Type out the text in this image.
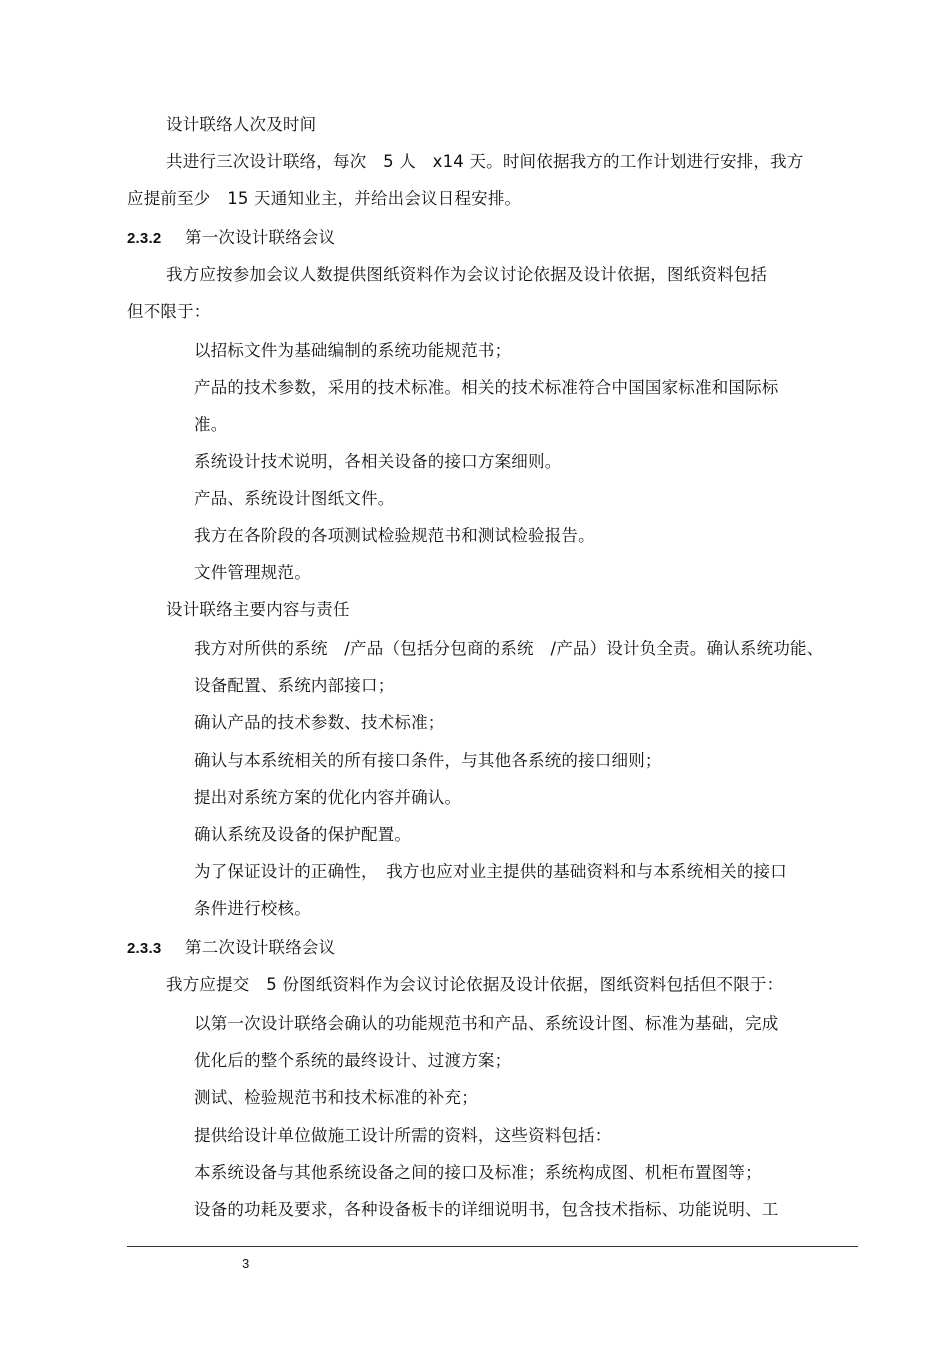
设计联络人次及时间
共进行三次设计联络，每次　5 人　x14 天。时间依据我方的工作计划进行安排，我方
应提前至少　15 天通知业主，并给出会议日程安排。
2.3.2 第一次设计联络会议
我方应按参加会议人数提供图纸资料作为会议讨论依据及设计依据，图纸资料包括
但不限于：
以招标文件为基础编制的系统功能规范书；
产品的技术参数，采用的技术标准。相关的技术标准符合中国国家标准和国际标
准。
系统设计技术说明，各相关设备的接口方案细则。
产品、系统设计图纸文件。
我方在各阶段的各项测试检验规范书和测试检验报告。
文件管理规范。
设计联络主要内容与责任
我方对所供的系统　/产品（包括分包商的系统　/产品）设计负全责。确认系统功能、
设备配置、系统内部接口；
确认产品的技术参数、技术标准；
确认与本系统相关的所有接口条件，与其他各系统的接口细则；
提出对系统方案的优化内容并确认。
确认系统及设备的保护配置。
为了保证设计的正确性，　我方也应对业主提供的基础资料和与本系统相关的接口
条件进行校核。
2.3.3 第二次设计联络会议
我方应提交　5 份图纸资料作为会议讨论依据及设计依据，图纸资料包括但不限于：
以第一次设计联络会确认的功能规范书和产品、系统设计图、标准为基础，完成
优化后的整个系统的最终设计、过渡方案；
测试、检验规范书和技术标准的补充；
提供给设计单位做施工设计所需的资料，这些资料包括：
本系统设备与其他系统设备之间的接口及标准；系统构成图、机柜布置图等；
设备的功耗及要求，各种设备板卡的详细说明书，包含技术指标、功能说明、工
3
